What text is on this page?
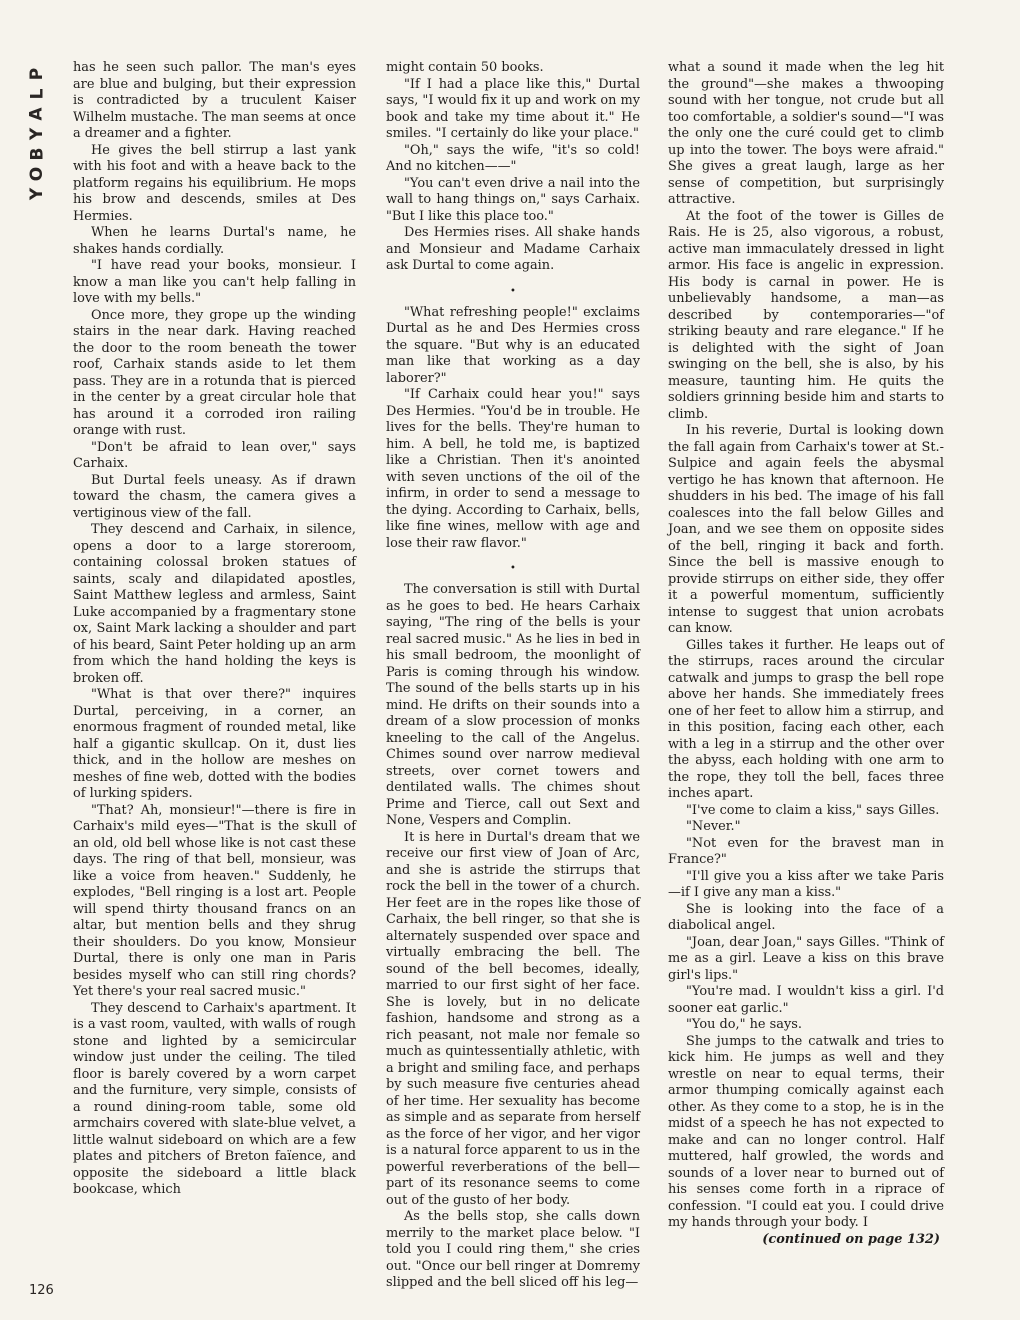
P
L
A
Y
B
O
Y

has he seen such pallor. The man's eyes are blue and bulging, but their expression is contradicted by a truculent Kaiser Wilhelm mustache. The man seems at once a dreamer and a fighter.

He gives the bell stirrup a last yank with his foot and with a heave back to the platform regains his equilibrium. He mops his brow and descends, smiles at Des Hermies.

When he learns Durtal's name, he shakes hands cordially.

"I have read your books, monsieur. I know a man like you can't help falling in love with my bells."

Once more, they grope up the winding stairs in the near dark. Having reached the door to the room beneath the tower roof, Carhaix stands aside to let them pass. They are in a rotunda that is pierced in the center by a great circular hole that has around it a corroded iron railing orange with rust.

"Don't be afraid to lean over," says Carhaix.

But Durtal feels uneasy. As if drawn toward the chasm, the camera gives a vertiginous view of the fall.

They descend and Carhaix, in silence, opens a door to a large storeroom, containing colossal broken statues of saints, scaly and dilapidated apostles, Saint Matthew legless and armless, Saint Luke accompanied by a fragmentary stone ox, Saint Mark lacking a shoulder and part of his beard, Saint Peter holding up an arm from which the hand holding the keys is broken off.

"What is that over there?" inquires Durtal, perceiving, in a corner, an enormous fragment of rounded metal, like half a gigantic skullcap. On it, dust lies thick, and in the hollow are meshes on meshes of fine web, dotted with the bodies of lurking spiders.

"That? Ah, monsieur!"—there is fire in Carhaix's mild eyes—"That is the skull of an old, old bell whose like is not cast these days. The ring of that bell, monsieur, was like a voice from heaven." Suddenly, he explodes, "Bell ringing is a lost art. People will spend thirty thousand francs on an altar, but mention bells and they shrug their shoulders. Do you know, Monsieur Durtal, there is only one man in Paris besides myself who can still ring chords? Yet there's your real sacred music."

They descend to Carhaix's apartment. It is a vast room, vaulted, with walls of rough stone and lighted by a semicircular window just under the ceiling. The tiled floor is barely covered by a worn carpet and the furniture, very simple, consists of a round dining-room table, some old armchairs covered with slate-blue velvet, a little walnut sideboard on which are a few plates and pitchers of Breton faïence, and opposite the sideboard a little black bookcase, which

might contain 50 books.

"If I had a place like this," Durtal says, "I would fix it up and work on my book and take my time about it." He smiles. "I certainly do like your place."

"Oh," says the wife, "it's so cold! And no kitchen——"

"You can't even drive a nail into the wall to hang things on," says Carhaix. "But I like this place too."

Des Hermies rises. All shake hands and Monsieur and Madame Carhaix ask Durtal to come again.

•

"What refreshing people!" exclaims Durtal as he and Des Hermies cross the square. "But why is an educated man like that working as a day laborer?"

"If Carhaix could hear you!" says Des Hermies. "You'd be in trouble. He lives for the bells. They're human to him. A bell, he told me, is baptized like a Christian. Then it's anointed with seven unctions of the oil of the infirm, in order to send a message to the dying. According to Carhaix, bells, like fine wines, mellow with age and lose their raw flavor."

•

The conversation is still with Durtal as he goes to bed. He hears Carhaix saying, "The ring of the bells is your real sacred music." As he lies in bed in his small bedroom, the moonlight of Paris is coming through his window. The sound of the bells starts up in his mind. He drifts on their sounds into a dream of a slow procession of monks kneeling to the call of the Angelus. Chimes sound over narrow medieval streets, over cornet towers and dentilated walls. The chimes shout Prime and Tierce, call out Sext and None, Vespers and Complin.

It is here in Durtal's dream that we receive our first view of Joan of Arc, and she is astride the stirrups that rock the bell in the tower of a church. Her feet are in the ropes like those of Carhaix, the bell ringer, so that she is alternately suspended over space and virtually embracing the bell. The sound of the bell becomes, ideally, married to our first sight of her face. She is lovely, but in no delicate fashion, handsome and strong as a rich peasant, not male nor female so much as quintessentially athletic, with a bright and smiling face, and perhaps by such measure five centuries ahead of her time. Her sexuality has become as simple and as separate from herself as the force of her vigor, and her vigor is a natural force apparent to us in the powerful reverberations of the bell—part of its resonance seems to come out of the gusto of her body.

As the bells stop, she calls down merrily to the market place below. "I told you I could ring them," she cries out. "Once our bell ringer at Domremy slipped and the bell sliced off his leg—

what a sound it made when the leg hit the ground"—she makes a thwooping sound with her tongue, not crude but all too comfortable, a soldier's sound—"I was the only one the curé could get to climb up into the tower. The boys were afraid." She gives a great laugh, large as her sense of competition, but surprisingly attractive.

At the foot of the tower is Gilles de Rais. He is 25, also vigorous, a robust, active man immaculately dressed in light armor. His face is angelic in expression. His body is carnal in power. He is unbelievably handsome, a man—as described by contemporaries—"of striking beauty and rare elegance." If he is delighted with the sight of Joan swinging on the bell, she is also, by his measure, taunting him. He quits the soldiers grinning beside him and starts to climb.

In his reverie, Durtal is looking down the fall again from Carhaix's tower at St.-Sulpice and again feels the abysmal vertigo he has known that afternoon. He shudders in his bed. The image of his fall coalesces into the fall below Gilles and Joan, and we see them on opposite sides of the bell, ringing it back and forth. Since the bell is massive enough to provide stirrups on either side, they offer it a powerful momentum, sufficiently intense to suggest that union acrobats can know.

Gilles takes it further. He leaps out of the stirrups, races around the circular catwalk and jumps to grasp the bell rope above her hands. She immediately frees one of her feet to allow him a stirrup, and in this position, facing each other, each with a leg in a stirrup and the other over the abyss, each holding with one arm to the rope, they toll the bell, faces three inches apart.

"I've come to claim a kiss," says Gilles.

"Never."

"Not even for the bravest man in France?"

"I'll give you a kiss after we take Paris—if I give any man a kiss."

She is looking into the face of a diabolical angel.

"Joan, dear Joan," says Gilles. "Think of me as a girl. Leave a kiss on this brave girl's lips."

"You're mad. I wouldn't kiss a girl. I'd sooner eat garlic."

"You do," he says.

She jumps to the catwalk and tries to kick him. He jumps as well and they wrestle on near to equal terms, their armor thumping comically against each other. As they come to a stop, he is in the midst of a speech he has not expected to make and can no longer control. Half muttered, half growled, the words and sounds of a lover near to burned out of his senses come forth in a riprace of confession. "I could eat you. I could drive my hands through your body. I

(continued on page 132)

126
